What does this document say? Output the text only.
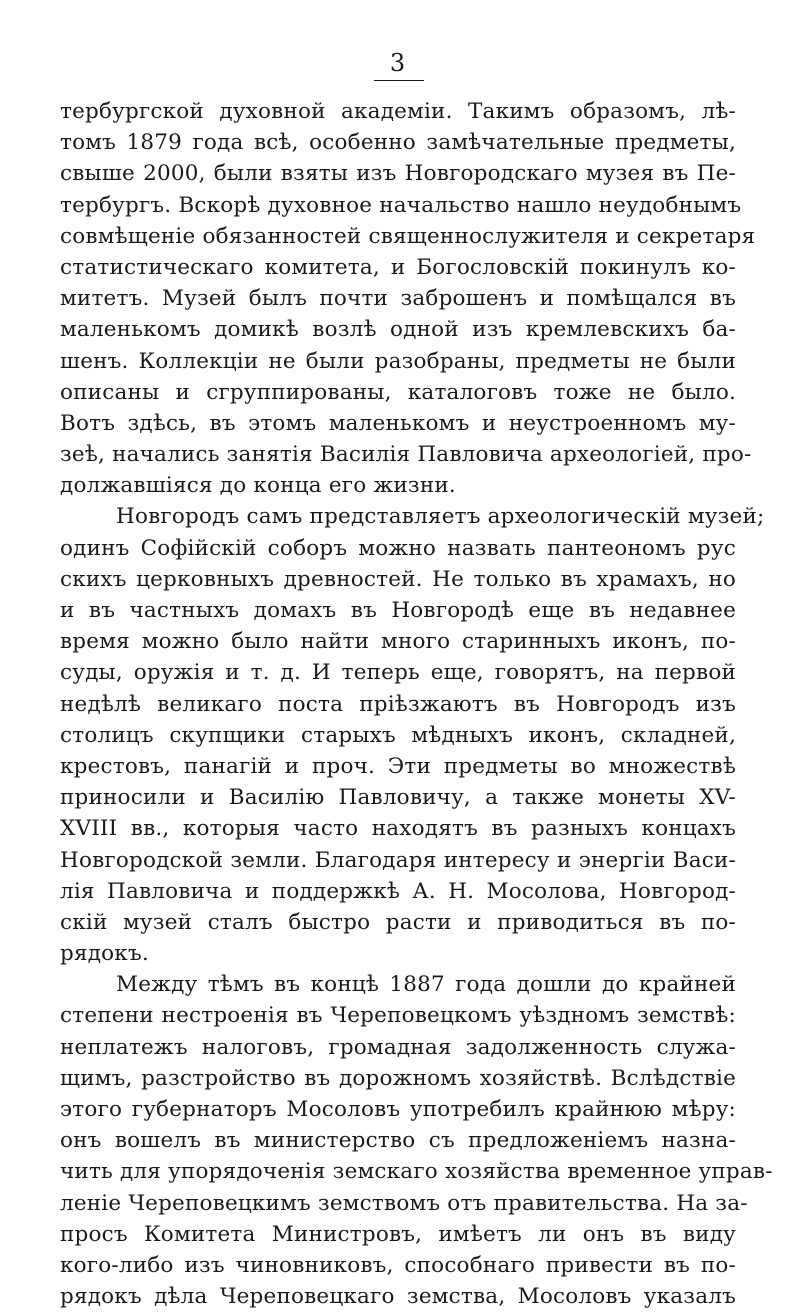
3
тербургской духовной академіи. Такимъ образомъ, лѣ-
томъ 1879 года всѣ, особенно замѣчательные предметы,
свыше 2000, были взяты изъ Новгородскаго музея въ Пе-
тербургъ. Вскорѣ духовное начальство нашло неудобнымъ
совмѣщеніе обязанностей священнослужителя и секретаря
статистическаго комитета, и Богословскій покинулъ ко-
митетъ. Музей былъ почти заброшенъ и помѣщался въ
маленькомъ домикѣ возлѣ одной изъ кремлевскихъ ба-
шенъ. Коллекціи не были разобраны, предметы не были
описаны и сгруппированы, каталоговъ тоже не было.
Вотъ здѣсь, въ этомъ маленькомъ и неустроенномъ му-
зеѣ, начались занятія Василія Павловича археологіей, про-
должавшіяся до конца его жизни.
Новгородъ самъ представляетъ археологическій музей;
одинъ Софійскій соборъ можно назвать пантеономъ рус
скихъ церковныхъ древностей. Не только въ храмахъ, но
и въ частныхъ домахъ въ Новгородѣ еще въ недавнее
время можно было найти много старинныхъ иконъ, по-
суды, оружія и т. д. И теперь еще, говорятъ, на первой
недѣлѣ великаго поста пріѣзжаютъ въ Новгородъ изъ
столицъ скупщики старыхъ мѣдныхъ иконъ, складней,
крестовъ, панагій и проч. Эти предметы во множествѣ
приносили и Василію Павловичу, а также монеты XV-
XVIII вв., которыя часто находятъ въ разныхъ концахъ
Новгородской земли. Благодаря интересу и энергіи Васи-
лія Павловича и поддержкѣ А. Н. Мосолова, Новгород-
скій музей сталъ быстро расти и приводиться въ по-
рядокъ.
Между тѣмъ въ концѣ 1887 года дошли до крайней
степени нестроенія въ Череповецкомъ уѣздномъ земствѣ:
неплатежъ налоговъ, громадная задолженность служа-
щимъ, разстройство въ дорожномъ хозяйствѣ. Вслѣдствіе
этого губернаторъ Мосоловъ употребилъ крайнюю мѣру:
онъ вошелъ въ министерство съ предложеніемъ назна-
чить для упорядоченія земскаго хозяйства временное управ-
леніе Череповецкимъ земствомъ отъ правительства. На за-
просъ Комитета Министровъ, имѣетъ ли онъ въ виду
кого-либо изъ чиновниковъ, способнаго привести въ по-
рядокъ дѣла Череповецкаго земства, Мосоловъ указалъ
